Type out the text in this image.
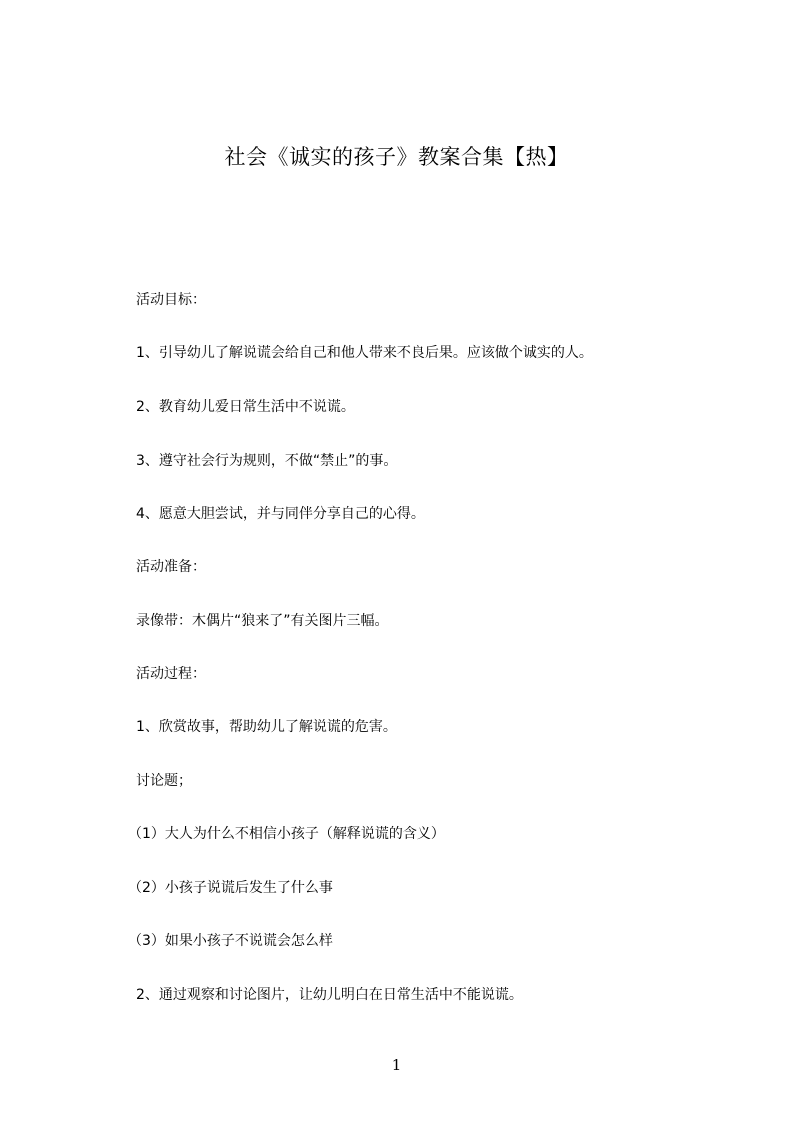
社会《诚实的孩子》教案合集【热】
活动目标：
1、引导幼儿了解说谎会给自己和他人带来不良后果。应该做个诚实的人。
2、教育幼儿爱日常生活中不说谎。
3、遵守社会行为规则，不做“禁止”的事。
4、愿意大胆尝试，并与同伴分享自己的心得。
活动准备：
录像带：木偶片“狼来了”有关图片三幅。
活动过程：
1、欣赏故事，帮助幼儿了解说谎的危害。
讨论题；
（1）大人为什么不相信小孩子（解释说谎的含义）
（2）小孩子说谎后发生了什么事
（3）如果小孩子不说谎会怎么样
2、通过观察和讨论图片，让幼儿明白在日常生活中不能说谎。
1
